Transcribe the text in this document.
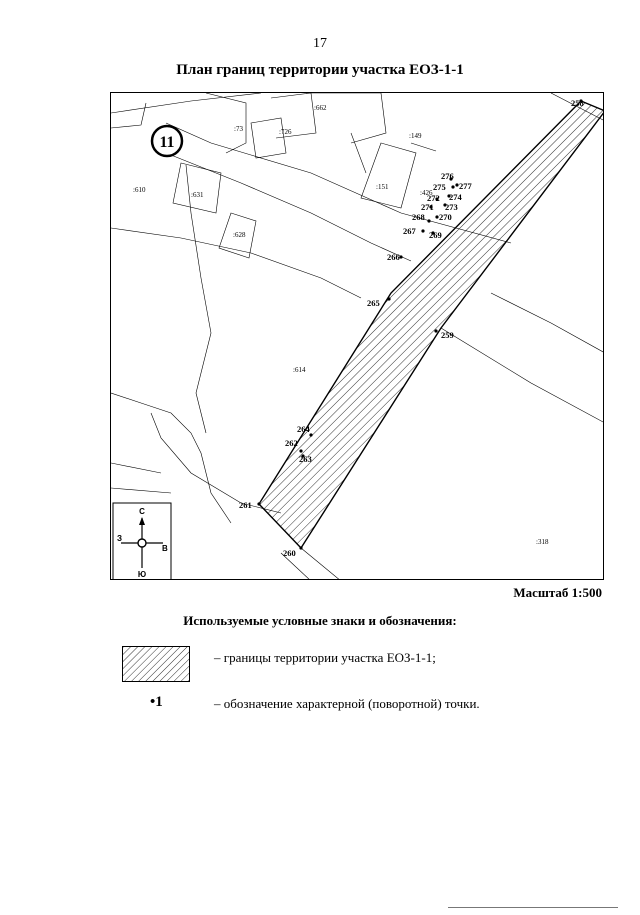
17
План границ территории участка ЕОЗ-1-1
11
:662
:73	:726	:149
:610
:631
:151
:426
:628
:614
:318
258
259
260
261
262
263
264
265
266
267
268
269
270
271
272
273
274
275
276
277
С
Ю
З
В
Масштаб 1:500
Используемые условные знаки и обозначения:
– границы территории участка ЕОЗ-1-1;
•1	– обозначение характерной (поворотной) точки.
